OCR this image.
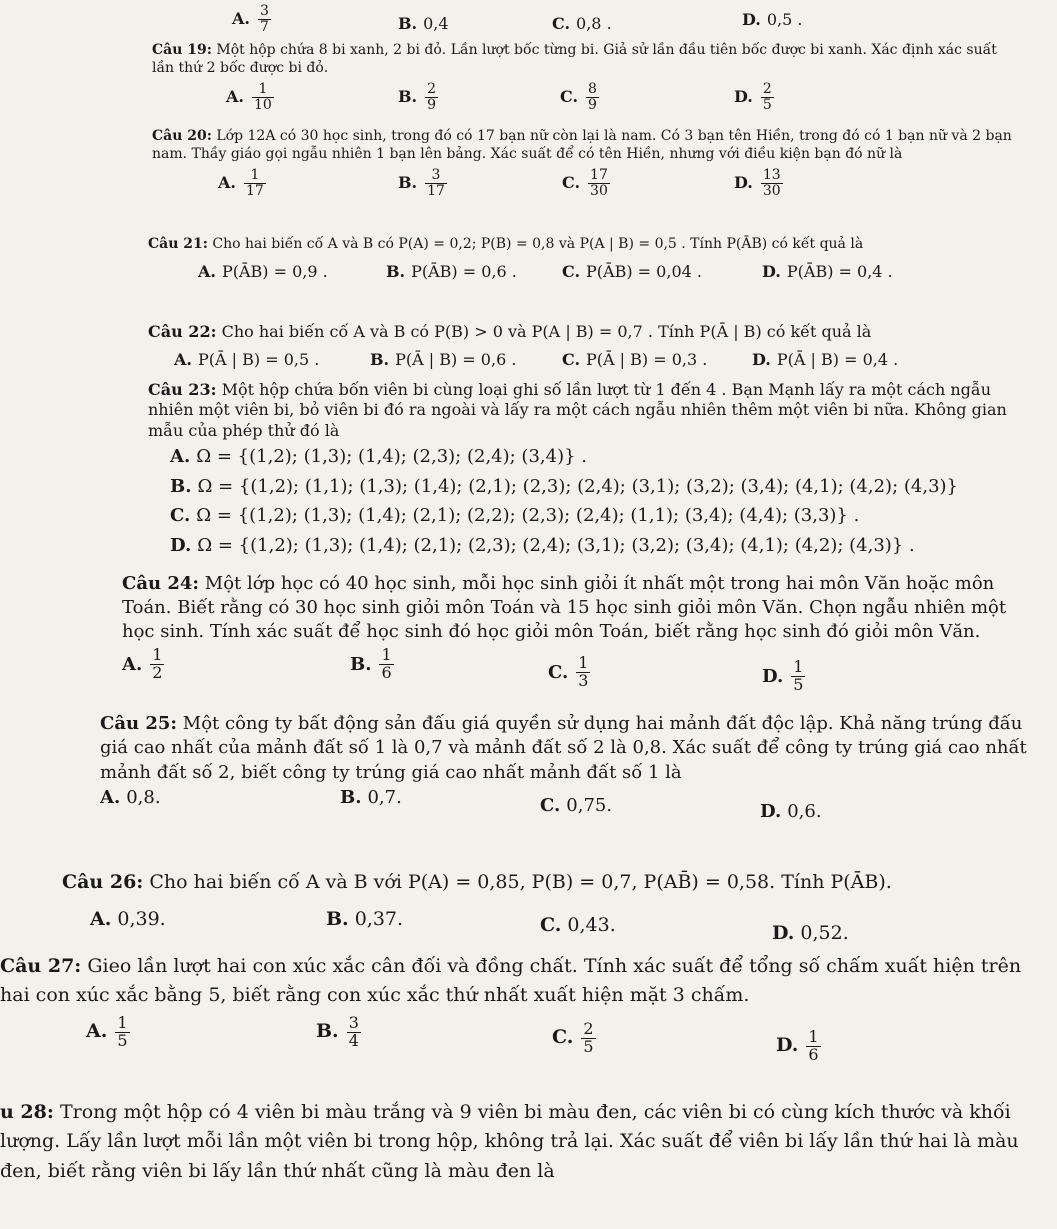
A. $\frac{3}{7}$	B. 0,4	C. 0,8 .	D. 0,5 .

Câu 19: Một hộp chứa 8 bi xanh, 2 bi đỏ. Lần lượt bốc từng bi. Giả sử lần đầu tiên bốc được bi xanh. Xác định xác suất lần thứ 2 bốc được bi đỏ.

A. $\frac{1}{10}$	B. $\frac{2}{9}$	C. $\frac{8}{9}$	D. $\frac{2}{5}$

Câu 20: Lớp 12A có 30 học sinh, trong đó có 17 bạn nữ còn lại là nam. Có 3 bạn tên Hiền, trong đó có 1 bạn nữ và 2 bạn nam. Thầy giáo gọi ngẫu nhiên 1 bạn lên bảng. Xác suất để có tên Hiền, nhưng với điều kiện bạn đó nữ là

A. $\frac{1}{17}$	B. $\frac{3}{17}$	C. $\frac{17}{30}$	D. $\frac{13}{30}$

Câu 21: Cho hai biến cố A và B có P(A) = 0,2; P(B) = 0,8 và P(A | B) = 0,5 . Tính P(ĀB) có kết quả là

A. P(ĀB) = 0,9 .	B. P(ĀB) = 0,6 .	C. P(ĀB) = 0,04 .	D. P(ĀB) = 0,4 .

Câu 22: Cho hai biến cố A và B có P(B) > 0 và P(A | B) = 0,7 . Tính P(Ā | B) có kết quả là

A. P(Ā | B) = 0,5 .	B. P(Ā | B) = 0,6 .	C. P(Ā | B) = 0,3 .	D. P(Ā | B) = 0,4 .

Câu 23: Một hộp chứa bốn viên bi cùng loại ghi số lần lượt từ 1 đến 4 . Bạn Mạnh lấy ra một cách ngẫu nhiên một viên bi, bỏ viên bi đó ra ngoài và lấy ra một cách ngẫu nhiên thêm một viên bi nữa. Không gian mẫu của phép thử đó là

A. Ω = {(1,2); (1,3); (1,4); (2,3); (2,4); (3,4)} .
B. Ω = {(1,2); (1,1); (1,3); (1,4); (2,1); (2,3); (2,4); (3,1); (3,2); (3,4); (4,1); (4,2); (4,3)}
C. Ω = {(1,2); (1,3); (1,4); (2,1); (2,2); (2,3); (2,4); (1,1); (3,4); (4,4); (3,3)} .
D. Ω = {(1,2); (1,3); (1,4); (2,1); (2,3); (2,4); (3,1); (3,2); (3,4); (4,1); (4,2); (4,3)} .

Câu 24: Một lớp học có 40 học sinh, mỗi học sinh giỏi ít nhất một trong hai môn Văn hoặc môn Toán. Biết rằng có 30 học sinh giỏi môn Toán và 15 học sinh giỏi môn Văn. Chọn ngẫu nhiên một học sinh. Tính xác suất để học sinh đó học giỏi môn Toán, biết rằng học sinh đó giỏi môn Văn.

A. $\frac{1}{2}$	B. $\frac{1}{6}$	C. $\frac{1}{3}$	D. $\frac{1}{5}$

Câu 25: Một công ty bất động sản đấu giá quyền sử dụng hai mảnh đất độc lập. Khả năng trúng đấu giá cao nhất của mảnh đất số 1 là 0,7 và mảnh đất số 2 là 0,8. Xác suất để công ty trúng giá cao nhất mảnh đất số 2, biết công ty trúng giá cao nhất mảnh đất số 1 là

A. 0,8.	B. 0,7.	C. 0,75.	D. 0,6.

Câu 26: Cho hai biến cố A và B với P(A) = 0,85, P(B) = 0,7, P(AB̄) = 0,58. Tính P(ĀB).

A. 0,39.	B. 0,37.	C. 0,43.	D. 0,52.

Câu 27: Gieo lần lượt hai con xúc xắc cân đối và đồng chất. Tính xác suất để tổng số chấm xuất hiện trên hai con xúc xắc bằng 5, biết rằng con xúc xắc thứ nhất xuất hiện mặt 3 chấm.

A. $\frac{1}{5}$	B. $\frac{3}{4}$	C. $\frac{2}{5}$	D. $\frac{1}{6}$

u 28: Trong một hộp có 4 viên bi màu trắng và 9 viên bi màu đen, các viên bi có cùng kích thước và khối lượng. Lấy lần lượt mỗi lần một viên bi trong hộp, không trả lại. Xác suất để viên bi lấy lần thứ hai là màu đen, biết rằng viên bi lấy lần thứ nhất cũng là màu đen là
